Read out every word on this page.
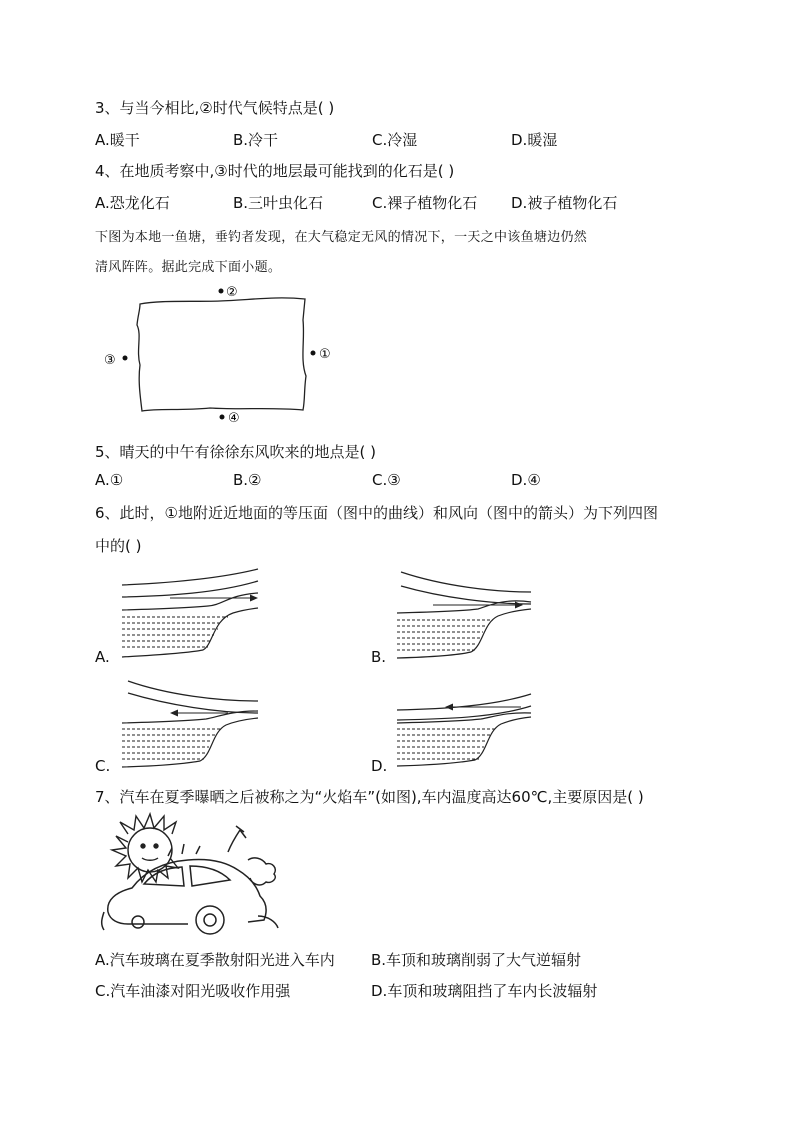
3、与当今相比,②时代气候特点是( )
A.暖干	B.冷干	C.冷湿	D.暖湿
4、在地质考察中,③时代的地层最可能找到的化石是( )
A.恐龙化石	B.三叶虫化石	C.裸子植物化石 D.被子植物化石
下图为本地一鱼塘，垂钓者发现，在大气稳定无风的情况下，一天之中该鱼塘边仍然
清风阵阵。据此完成下面小题。
②
①
③
④
5、晴天的中午有徐徐东风吹来的地点是( )
A.①	B.②	C.③	D.④
6、此时，①地附近近地面的等压面（图中的曲线）和风向（图中的箭头）为下列四图
中的( )
A.	B.
C.	D.
7、汽车在夏季曝晒之后被称之为“火焰车”(如图),车内温度高达60℃,主要原因是( )
A.汽车玻璃在夏季散射阳光进入车内 B.车顶和玻璃削弱了大气逆辐射
C.汽车油漆对阳光吸收作用强	D.车顶和玻璃阻挡了车内长波辐射
